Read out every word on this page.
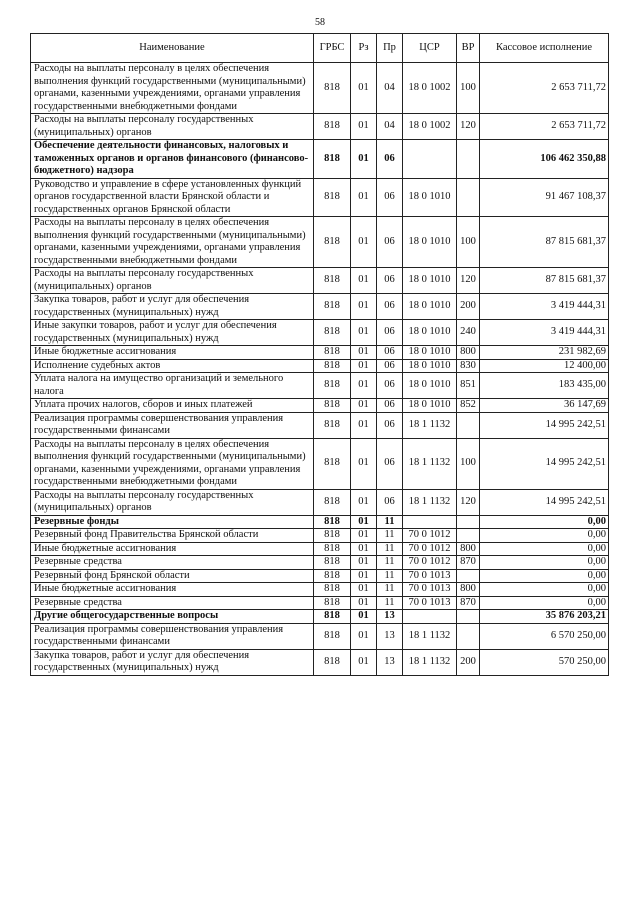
58
Наименование	ГРБС	Рз	Пр	ЦСР	ВР	Кассовое исполнение
Расходы на выплаты персоналу в целях обеспечения выполнения функций государственными (муниципальными) органами, казенными учреждениями, органами управления государственными внебюджетными фондами	818	01	04	18 0 1002	100	2 653 711,72
Расходы на выплаты персоналу государственных (муниципальных) органов	818	01	04	18 0 1002	120	2 653 711,72
Обеспечение деятельности финансовых, налоговых и таможенных органов и органов финансового (финансово-бюджетного) надзора	818	01	06			106 462 350,88
Руководство и управление в сфере установленных функций органов государственной власти Брянской области и государственных органов Брянской области	818	01	06	18 0 1010		91 467 108,37
Расходы на выплаты персоналу в целях обеспечения выполнения функций государственными (муниципальными) органами, казенными учреждениями, органами управления государственными внебюджетными фондами	818	01	06	18 0 1010	100	87 815 681,37
Расходы на выплаты персоналу государственных (муниципальных) органов	818	01	06	18 0 1010	120	87 815 681,37
Закупка товаров, работ и услуг для обеспечения государственных (муниципальных) нужд	818	01	06	18 0 1010	200	3 419 444,31
Иные закупки товаров, работ и услуг для обеспечения государственных (муниципальных) нужд	818	01	06	18 0 1010	240	3 419 444,31
Иные бюджетные ассигнования	818	01	06	18 0 1010	800	231 982,69
Исполнение судебных актов	818	01	06	18 0 1010	830	12 400,00
Уплата налога на имущество организаций и земельного налога	818	01	06	18 0 1010	851	183 435,00
Уплата прочих налогов, сборов и иных платежей	818	01	06	18 0 1010	852	36 147,69
Реализация программы совершенствования управления государственными финансами	818	01	06	18 1 1132		14 995 242,51
Расходы на выплаты персоналу в целях обеспечения выполнения функций государственными (муниципальными) органами, казенными учреждениями, органами управления государственными внебюджетными фондами	818	01	06	18 1 1132	100	14 995 242,51
Расходы на выплаты персоналу государственных (муниципальных) органов	818	01	06	18 1 1132	120	14 995 242,51
Резервные фонды	818	01	11			0,00
Резервный фонд Правительства Брянской области	818	01	11	70 0 1012		0,00
Иные бюджетные ассигнования	818	01	11	70 0 1012	800	0,00
Резервные средства	818	01	11	70 0 1012	870	0,00
Резервный фонд Брянской области	818	01	11	70 0 1013		0,00
Иные бюджетные ассигнования	818	01	11	70 0 1013	800	0,00
Резервные средства	818	01	11	70 0 1013	870	0,00
Другие общегосударственные вопросы	818	01	13			35 876 203,21
Реализация программы совершенствования управления государственными финансами	818	01	13	18 1 1132		6 570 250,00
Закупка товаров, работ и услуг для обеспечения государственных (муниципальных) нужд	818	01	13	18 1 1132	200	570 250,00
